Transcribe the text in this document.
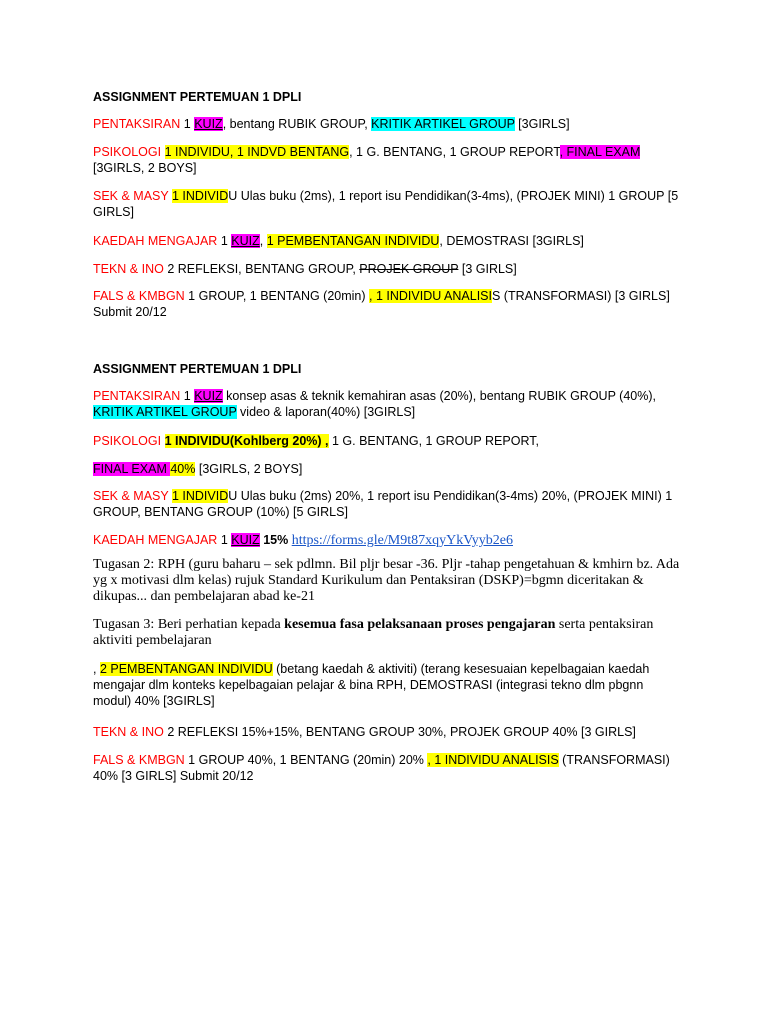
ASSIGNMENT PERTEMUAN 1 DPLI
PENTAKSIRAN 1 KUIZ, bentang RUBIK GROUP, KRITIK ARTIKEL GROUP [3GIRLS]
PSIKOLOGI 1 INDIVIDU, 1 INDVD BENTANG, 1 G. BENTANG, 1 GROUP REPORT, FINAL EXAM [3GIRLS, 2 BOYS]
SEK & MASY 1 INDIVIDU Ulas buku (2ms), 1 report isu Pendidikan(3-4ms), (PROJEK MINI) 1 GROUP [5 GIRLS]
KAEDAH MENGAJAR 1 KUIZ, 1 PEMBENTANGAN INDIVIDU, DEMOSTRASI [3GIRLS]
TEKN & INO 2 REFLEKSI, BENTANG GROUP, PROJEK GROUP [3 GIRLS]
FALS & KMBGN 1 GROUP, 1 BENTANG (20min) , 1 INDIVIDU ANALISIS (TRANSFORMASI) [3 GIRLS] Submit 20/12
ASSIGNMENT PERTEMUAN 1 DPLI
PENTAKSIRAN 1 KUIZ konsep asas & teknik kemahiran asas (20%), bentang RUBIK GROUP (40%), KRITIK ARTIKEL GROUP video & laporan(40%) [3GIRLS]
PSIKOLOGI 1 INDIVIDU(Kohlberg 20%) , 1 G. BENTANG, 1 GROUP REPORT,
FINAL EXAM 40% [3GIRLS, 2 BOYS]
SEK & MASY 1 INDIVIDU Ulas buku (2ms) 20%, 1 report isu Pendidikan(3-4ms) 20%, (PROJEK MINI) 1 GROUP, BENTANG GROUP (10%) [5 GIRLS]
KAEDAH MENGAJAR 1 KUIZ 15% https://forms.gle/M9t87xqyYkVyyb2e6
Tugasan 2: RPH (guru baharu – sek pdlmn. Bil pljr besar -36. Pljr -tahap pengetahuan & kmhirn bz. Ada yg x motivasi dlm kelas) rujuk Standard Kurikulum dan Pentaksiran (DSKP)=bgmn diceritakan & dikupas... dan pembelajaran abad ke-21
Tugasan 3: Beri perhatian kepada kesemua fasa pelaksanaan proses pengajaran serta pentaksiran aktiviti pembelajaran
, 2 PEMBENTANGAN INDIVIDU (betang kaedah & aktiviti) (terang kesesuaian kepelbagaian kaedah mengajar dlm konteks kepelbagaian pelajar & bina RPH, DEMOSTRASI (integrasi tekno dlm pbgnn modul) 40% [3GIRLS]
TEKN & INO 2 REFLEKSI 15%+15%, BENTANG GROUP 30%, PROJEK GROUP 40% [3 GIRLS]
FALS & KMBGN 1 GROUP 40%, 1 BENTANG (20min) 20% , 1 INDIVIDU ANALISIS (TRANSFORMASI) 40% [3 GIRLS] Submit 20/12
